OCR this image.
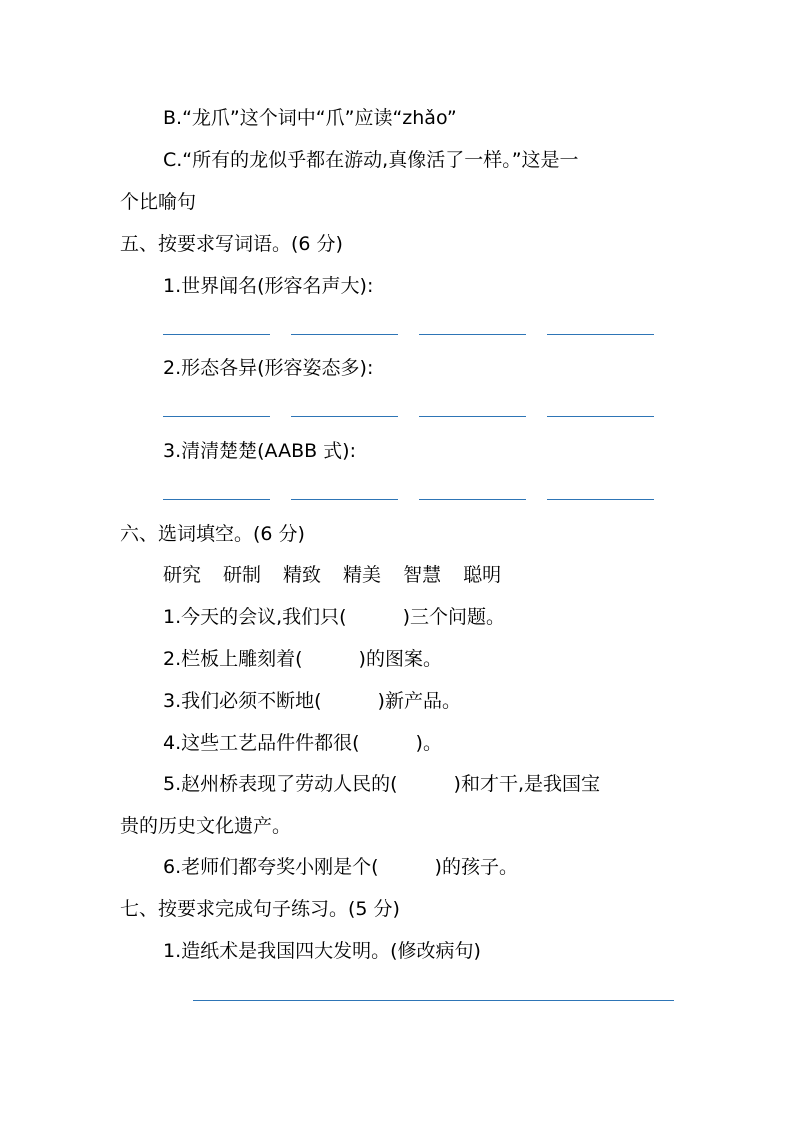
B.“龙爪”这个词中“爪”应读“zhǎo”
C.“所有的龙似乎都在游动,真像活了一样。”这是一
个比喻句
五、按要求写词语。(6 分)
1.世界闻名(形容名声大):
2.形态各异(形容姿态多):
3.清清楚楚(AABB 式):
六、选词填空。(6 分)
研究 研制 精致 精美 智慧 聪明
1.今天的会议,我们只(	)三个问题。
2.栏板上雕刻着(	)的图案。
3.我们必须不断地(	)新产品。
4.这些工艺品件件都很(	)。
5.赵州桥表现了劳动人民的(	)和才干,是我国宝
贵的历史文化遗产。
6.老师们都夸奖小刚是个(	)的孩子。
七、按要求完成句子练习。(5 分)
1.造纸术是我国四大发明。(修改病句)
